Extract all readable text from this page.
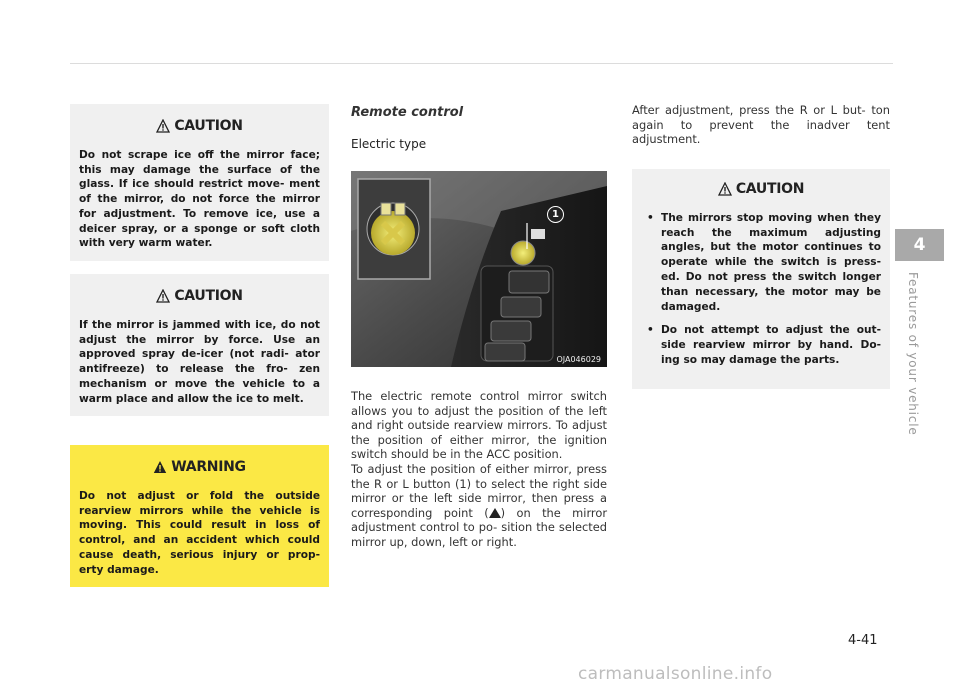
CAUTION
Do not scrape ice off the mirror face; this may damage the surface of the glass. If ice should restrict move- ment of the mirror, do not force the mirror for adjustment. To remove ice, use a deicer spray, or a sponge or soft cloth with very warm water.
CAUTION
If the mirror is jammed with ice, do not adjust the mirror by force. Use an approved spray de-icer (not radi- ator antifreeze) to release the fro- zen mechanism or move the vehicle to a warm place and allow the ice to melt.
WARNING
Do not adjust or fold the outside rearview mirrors while the vehicle is moving. This could result in loss of control, and an accident which could cause death, serious injury or prop- erty damage.
Remote control
Electric type
1
OJA046029
The electric remote control mirror switch allows you to adjust the position of the left and right outside rearview mirrors. To adjust the position of either mirror, the ignition switch should be in the ACC position.
To adjust the position of either mirror, press the R or L button (1) to select the right side mirror or the left side mirror, then press a corresponding point ( ) on the mirror adjustment control to po- sition the selected mirror up, down, left or right.
After adjustment, press the R or L but- ton again to prevent the inadver tent adjustment.
CAUTION
• The mirrors stop moving when they reach the maximum adjusting angles, but the motor continues to operate while the switch is press- ed. Do not press the switch longer than necessary, the motor may be damaged.
• Do not attempt to adjust the out- side rearview mirror by hand. Do- ing so may damage the parts.
4
Features of your vehicle
4-41
carmanualsonline.info
